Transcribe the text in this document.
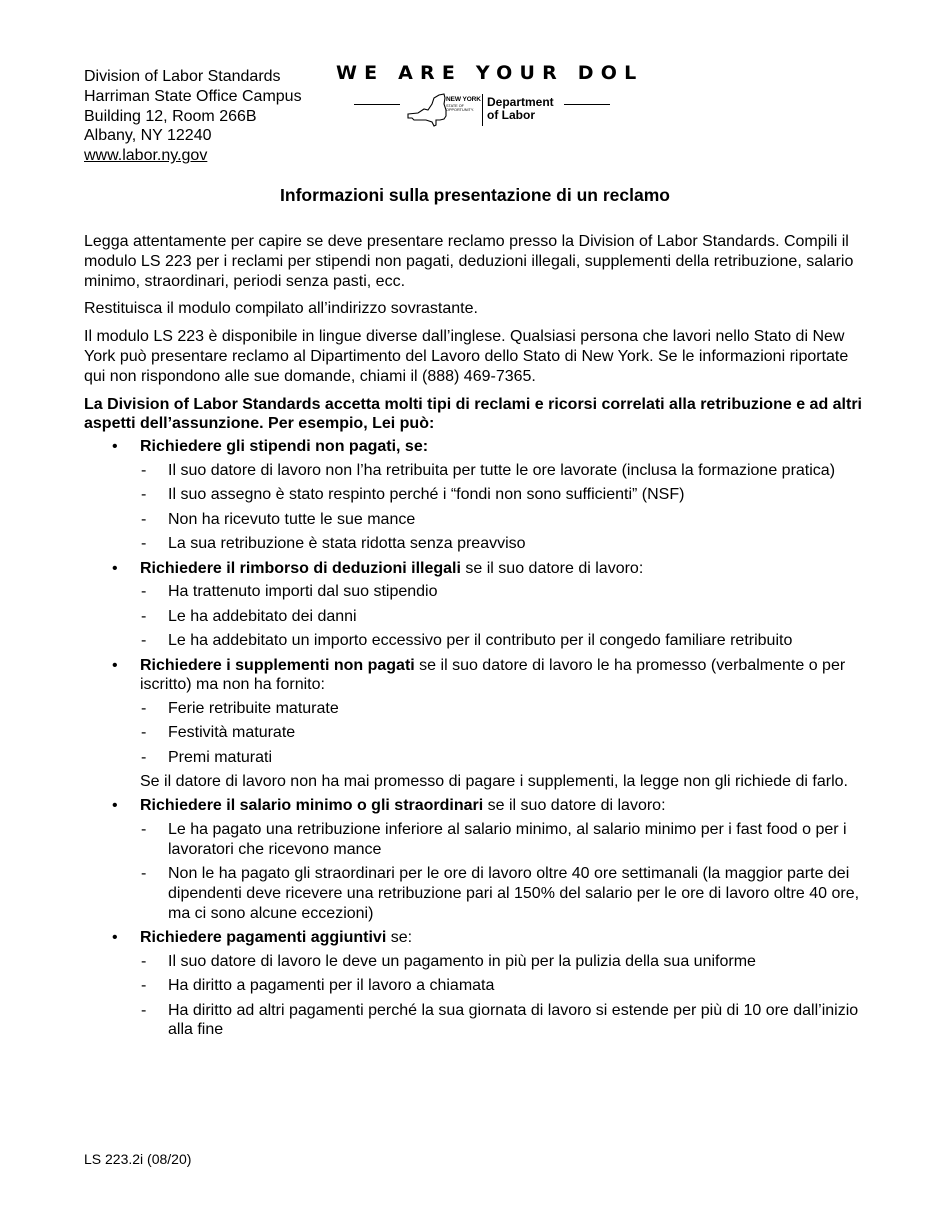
Division of Labor Standards
Harriman State Office Campus
Building 12, Room 266B
Albany, NY 12240
www.labor.ny.gov
WE ARE YOUR DOL
NEW YORK
STATE OF OPPORTUNITY.
Department
of Labor
Informazioni sulla presentazione di un reclamo

Legga attentamente per capire se deve presentare reclamo presso la Division of Labor Standards. Compili il modulo LS 223 per i reclami per stipendi non pagati, deduzioni illegali, supplementi della retribuzione, salario minimo, straordinari, periodi senza pasti, ecc.

Restituisca il modulo compilato all’indirizzo sovrastante.

Il modulo LS 223 è disponibile in lingue diverse dall’inglese. Qualsiasi persona che lavori nello Stato di New York può presentare reclamo al Dipartimento del Lavoro dello Stato di New York. Se le informazioni riportate qui non rispondono alle sue domande, chiami il (888) 469-7365.

La Division of Labor Standards accetta molti tipi di reclami e ricorsi correlati alla retribuzione e ad altri aspetti dell’assunzione. Per esempio, Lei può:

• Richiedere gli stipendi non pagati, se:
- Il suo datore di lavoro non l’ha retribuita per tutte le ore lavorate (inclusa la formazione pratica)
- Il suo assegno è stato respinto perché i “fondi non sono sufficienti” (NSF)
- Non ha ricevuto tutte le sue mance
- La sua retribuzione è stata ridotta senza preavviso
• Richiedere il rimborso di deduzioni illegali se il suo datore di lavoro:
- Ha trattenuto importi dal suo stipendio
- Le ha addebitato dei danni
- Le ha addebitato un importo eccessivo per il contributo per il congedo familiare retribuito
• Richiedere i supplementi non pagati se il suo datore di lavoro le ha promesso (verbalmente o per iscritto) ma non ha fornito:
- Ferie retribuite maturate
- Festività maturate
- Premi maturati
Se il datore di lavoro non ha mai promesso di pagare i supplementi, la legge non gli richiede di farlo.
• Richiedere il salario minimo o gli straordinari se il suo datore di lavoro:
- Le ha pagato una retribuzione inferiore al salario minimo, al salario minimo per i fast food o per i lavoratori che ricevono mance
- Non le ha pagato gli straordinari per le ore di lavoro oltre 40 ore settimanali (la maggior parte dei dipendenti deve ricevere una retribuzione pari al 150% del salario per le ore di lavoro oltre 40 ore, ma ci sono alcune eccezioni)
• Richiedere pagamenti aggiuntivi se:
- Il suo datore di lavoro le deve un pagamento in più per la pulizia della sua uniforme
- Ha diritto a pagamenti per il lavoro a chiamata
- Ha diritto ad altri pagamenti perché la sua giornata di lavoro si estende per più di 10 ore dall’inizio alla fine
LS 223.2i (08/20)
